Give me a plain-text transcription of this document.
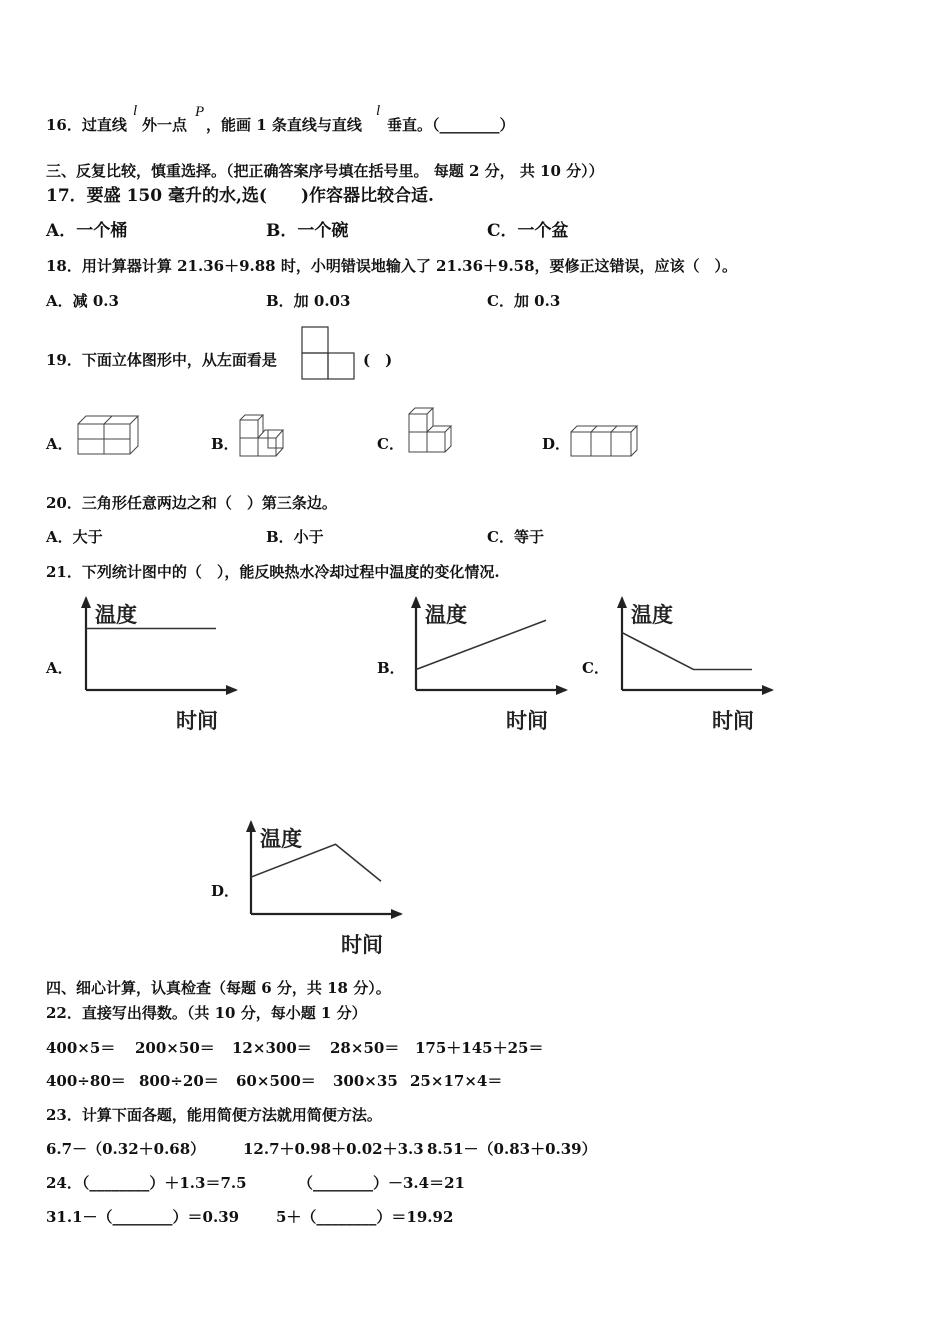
16．过直线
l
外一点
P
，能画 1 条直线与直线
l
垂直。（________）
三、反复比较，慎重选择。（把正确答案序号填在括号里。 每题 2 分， 共 10 分））
17．要盛 150 毫升的水,选(　　)作容器比较合适.
A．一个桶	B．一个碗	C．一个盆
18．用计算器计算 21.36＋9.88 时，小明错误地输入了 21.36＋9.58，要修正这错误，应该（　）。
A．减 0.3	B．加 0.03	C．加 0.3
19．下面立体图形中，从左面看是	(　)
A．	B．	C．	D．
20．三角形任意两边之和（　）第三条边。
A．大于	B．小于	C．等于
21．下列统计图中的（　），能反映热水冷却过程中温度的变化情况.
A．	B．	C．
D．
温度
时间
温度
时间
温度
时间
温度
时间
四、细心计算，认真检查（每题 6 分，共 18 分）。
22．直接写出得数。（共 10 分，每小题 1 分）
400×5＝ 200×50＝ 12×300＝ 28×50＝ 175＋145＋25＝
400÷80＝ 800÷20＝ 60×500＝ 300×35 25×17×4＝
23．计算下面各题，能用简便方法就用简便方法。
6.7－（0.32＋0.68）	12.7＋0.98＋0.02＋3.3 8.51－（0.83＋0.39）
24．（________）＋1.3＝7.5	（________）－3.4＝21
31.1－（________）＝0.39 5＋（________）＝19.92
